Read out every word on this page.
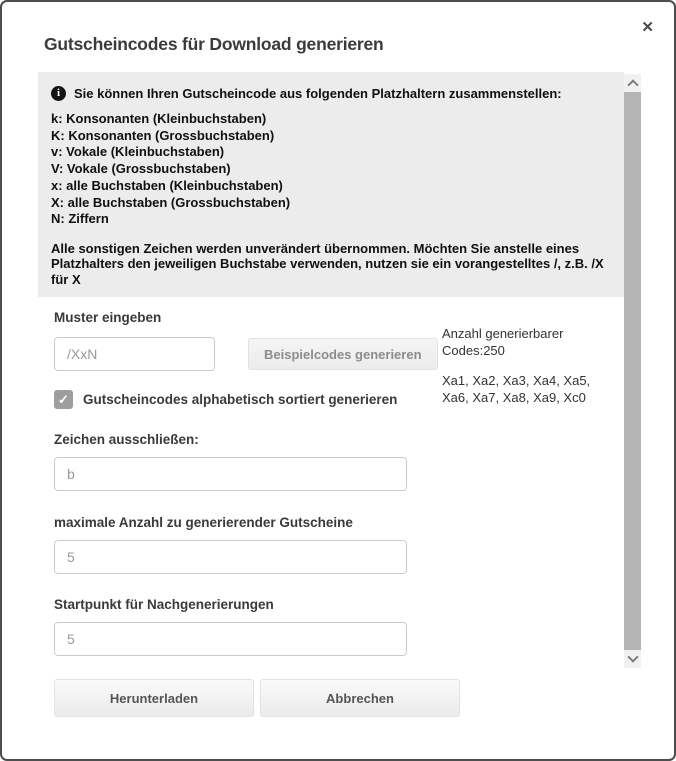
Gutscheincodes für Download generieren
✕
i	Sie können Ihren Gutscheincode aus folgenden Platzhaltern zusammenstellen:
k: Konsonanten (Kleinbuchstaben)
K: Konsonanten (Grossbuchstaben)
v: Vokale (Kleinbuchstaben)
V: Vokale (Grossbuchstaben)
x: alle Buchstaben (Kleinbuchstaben)
X: alle Buchstaben (Grossbuchstaben)
N: Ziffern
Alle sonstigen Zeichen werden unverändert übernommen. Möchten Sie anstelle eines Platzhalters den jeweiligen Buchstabe verwenden, nutzen sie ein vorangestelltes /, z.B. /X für X
Muster eingeben
/XxN
Beispielcodes generieren
✓ Gutscheincodes alphabetisch sortiert generieren
Zeichen ausschließen:
b
maximale Anzahl zu generierender Gutscheine
5
Startpunkt für Nachgenerierungen
5
Anzahl generierbarer
Codes:250
Xa1, Xa2, Xa3, Xa4, Xa5,
Xa6, Xa7, Xa8, Xa9, Xc0
Herunterladen	Abbrechen
